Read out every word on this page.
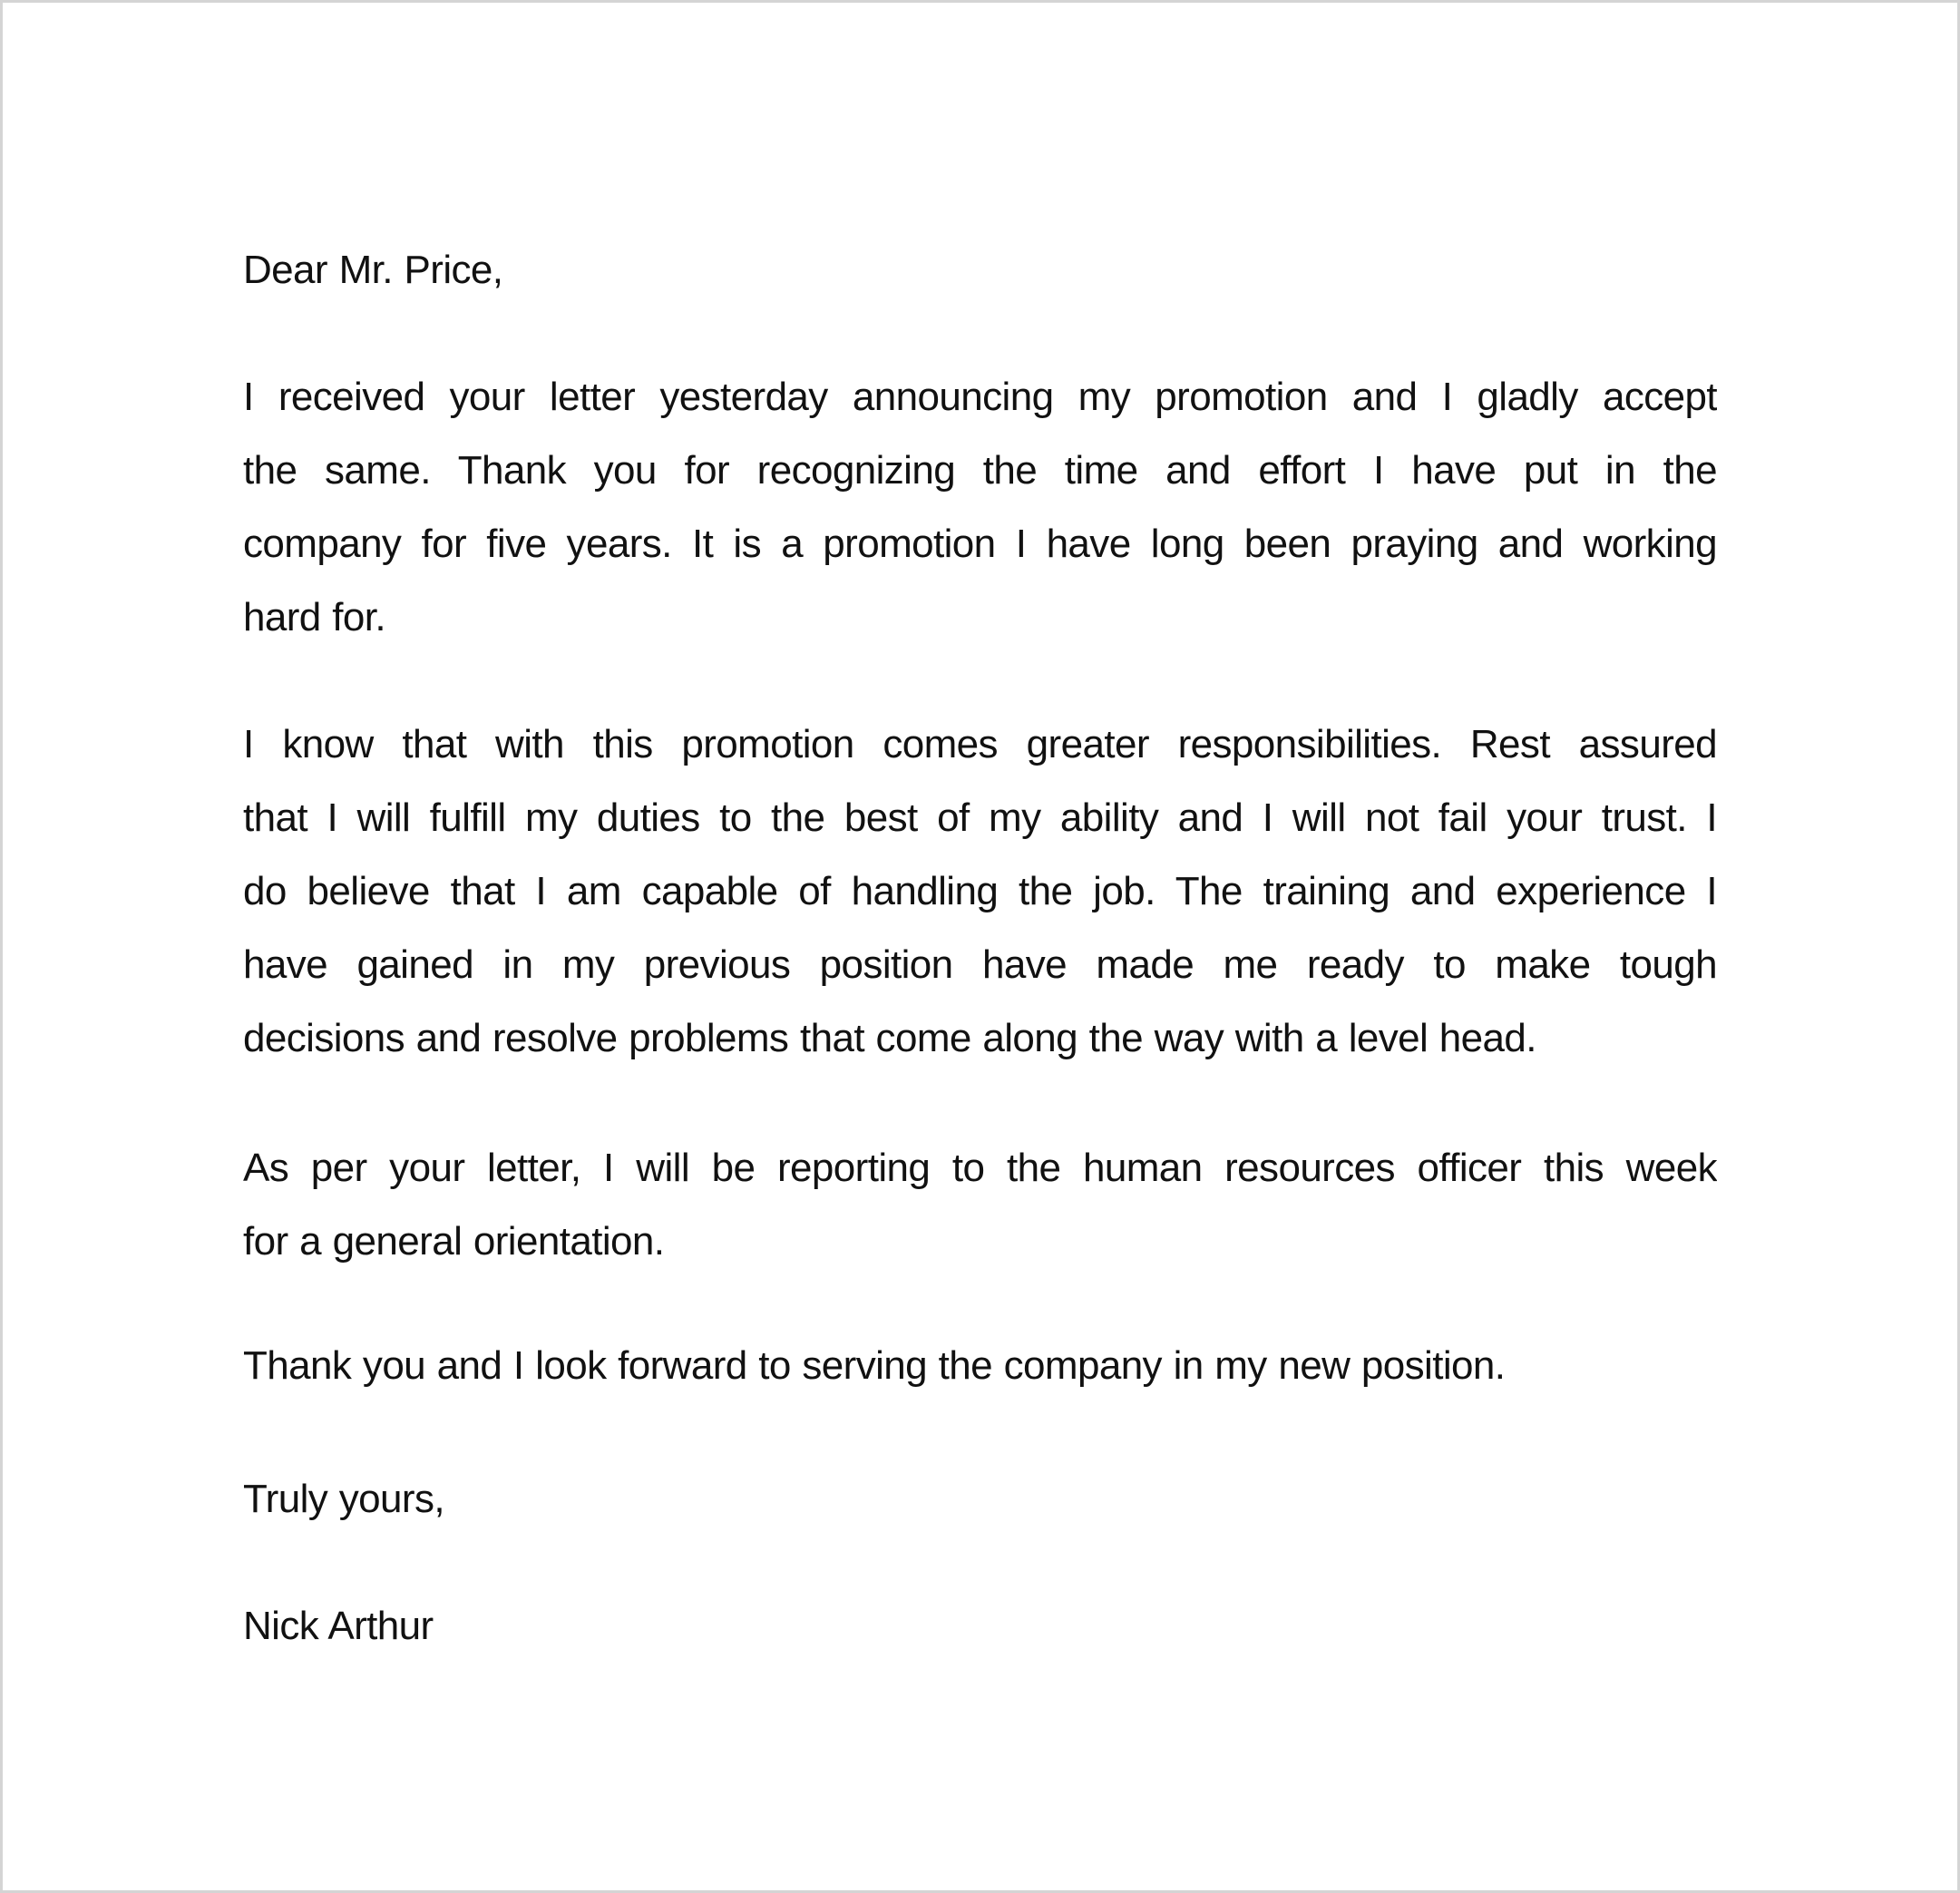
Dear Mr. Price,
I received your letter yesterday announcing my promotion and I gladly accept
the same. Thank you for recognizing the time and effort I have put in the
company for five years. It is a promotion I have long been praying and working
hard for.
I know that with this promotion comes greater responsibilities. Rest assured
that I will fulfill my duties to the best of my ability and I will not fail your trust. I
do believe that I am capable of handling the job. The training and experience I
have gained in my previous position have made me ready to make tough
decisions and resolve problems that come along the way with a level head.
As per your letter, I will be reporting to the human resources officer this week
for a general orientation.
Thank you and I look forward to serving the company in my new position.
Truly yours,
Nick Arthur
